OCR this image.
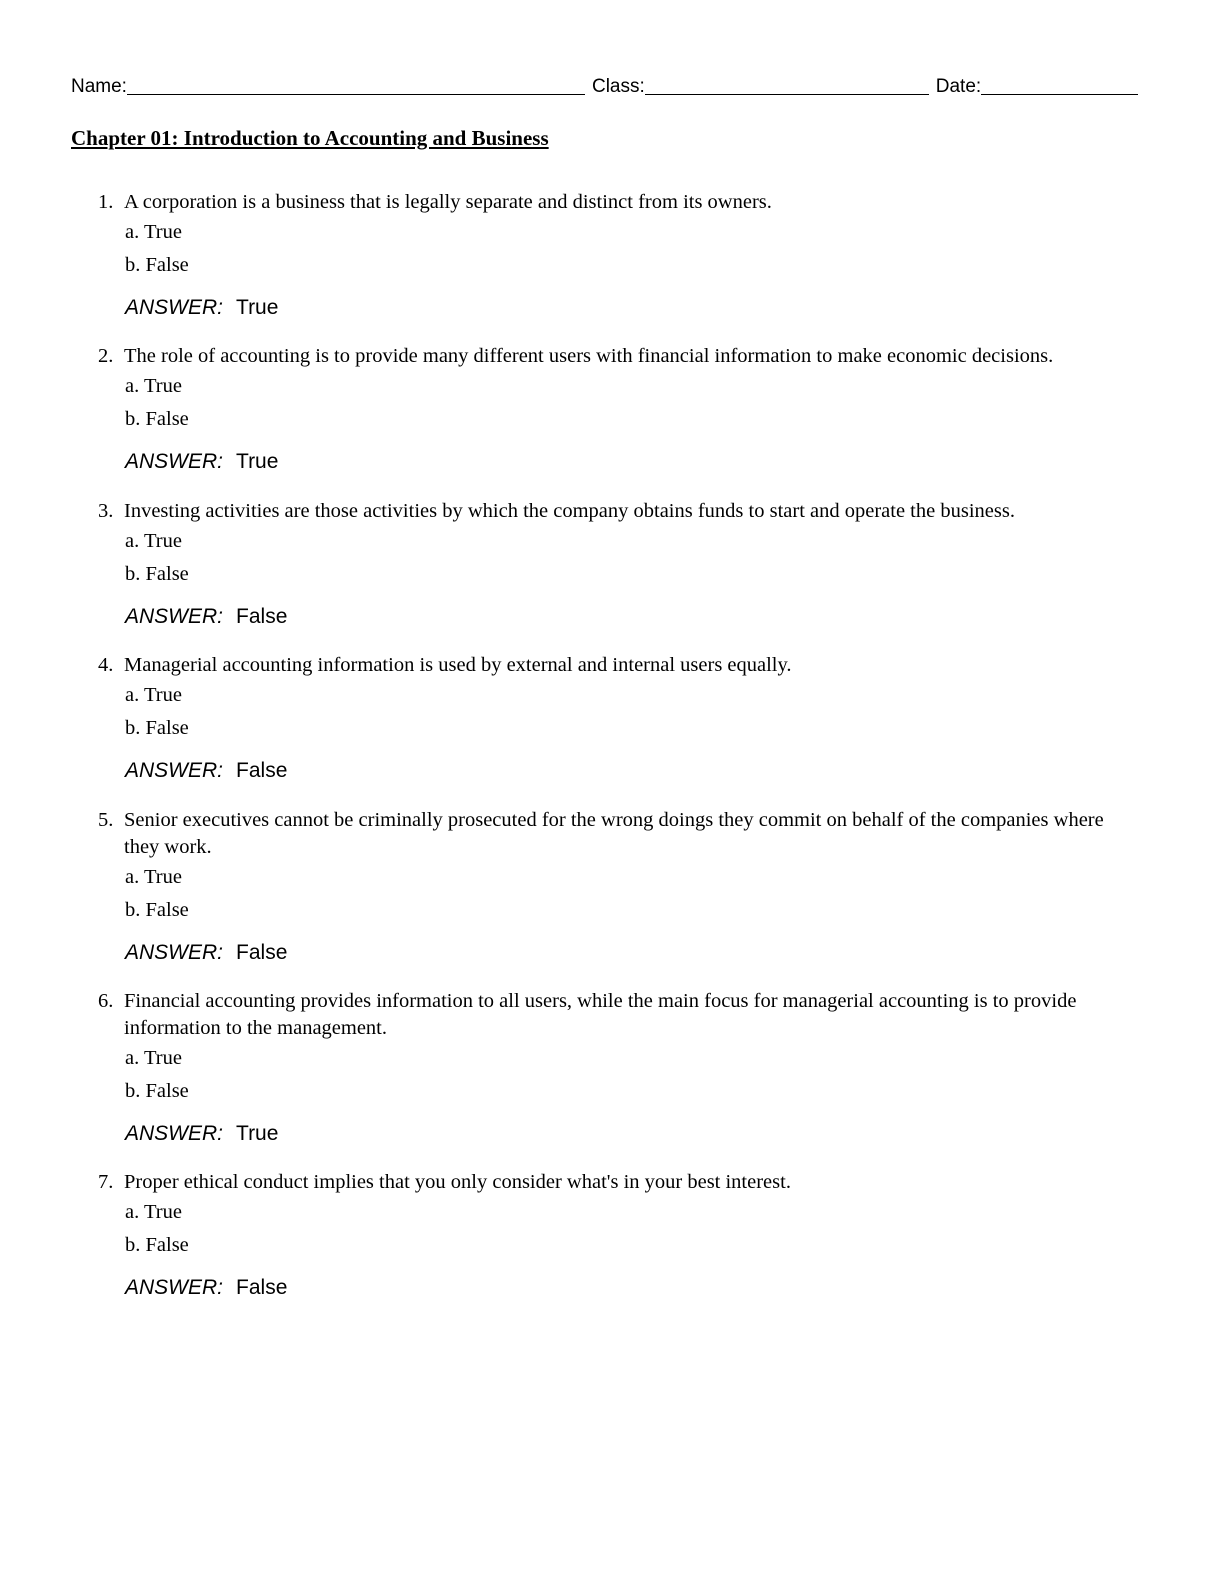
Name:	Class:	Date:
Chapter 01: Introduction to Accounting and Business
1. A corporation is a business that is legally separate and distinct from its owners.
a. True
b. False
ANSWER: True
2. The role of accounting is to provide many different users with financial information to make economic decisions.
a. True
b. False
ANSWER: True
3. Investing activities are those activities by which the company obtains funds to start and operate the business.
a. True
b. False
ANSWER: False
4. Managerial accounting information is used by external and internal users equally.
a. True
b. False
ANSWER: False
5. Senior executives cannot be criminally prosecuted for the wrong doings they commit on behalf of the companies where they work.
a. True
b. False
ANSWER: False
6. Financial accounting provides information to all users, while the main focus for managerial accounting is to provide information to the management.
a. True
b. False
ANSWER: True
7. Proper ethical conduct implies that you only consider what's in your best interest.
a. True
b. False
ANSWER: False
